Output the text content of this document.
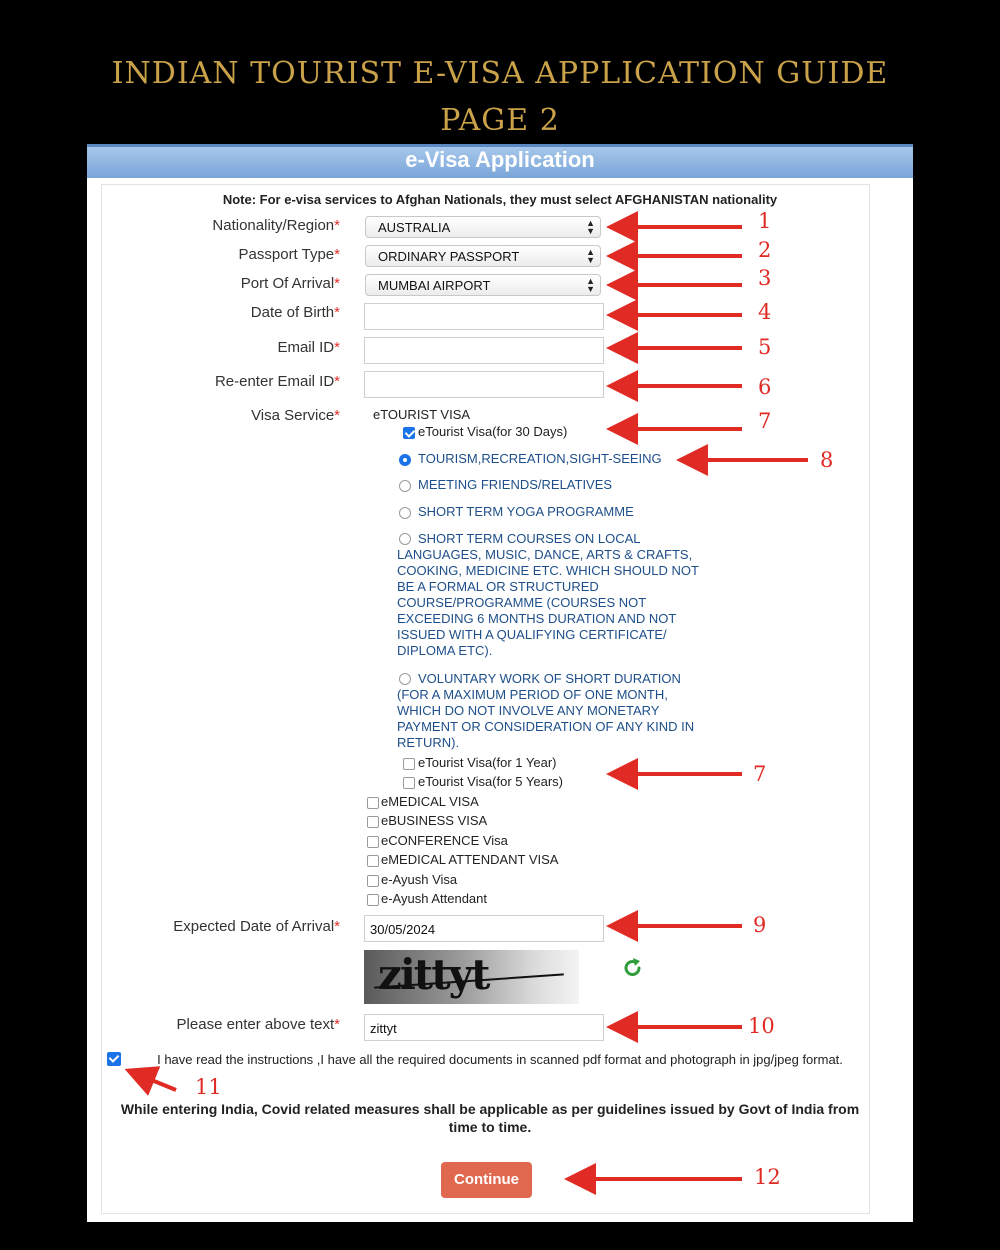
INDIAN TOURIST E-VISA APPLICATION GUIDE
PAGE 2
e-Visa Application
Note: For e-visa services to Afghan Nationals, they must select AFGHANISTAN nationality
Nationality/Region*	AUSTRALIA	▲
▼
Passport Type*	ORDINARY PASSPORT	▲
▼
Port Of Arrival*	MUMBAI AIRPORT	▲
▼
Date of Birth*
Email ID*
Re-enter Email ID*
Visa Service*	eTOURIST VISA
eTourist Visa(for 30 Days)
TOURISM,RECREATION,SIGHT-SEEING
MEETING FRIENDS/RELATIVES
SHORT TERM YOGA PROGRAMME
SHORT TERM COURSES ON LOCAL LANGUAGES, MUSIC, DANCE, ARTS & CRAFTS, COOKING, MEDICINE ETC. WHICH SHOULD NOT BE A FORMAL OR STRUCTURED COURSE/PROGRAMME (COURSES NOT EXCEEDING 6 MONTHS DURATION AND NOT ISSUED WITH A QUALIFYING CERTIFICATE/ DIPLOMA ETC).
VOLUNTARY WORK OF SHORT DURATION (FOR A MAXIMUM PERIOD OF ONE MONTH, WHICH DO NOT INVOLVE ANY MONETARY PAYMENT OR CONSIDERATION OF ANY KIND IN RETURN).
eTourist Visa(for 1 Year)
eTourist Visa(for 5 Years)
eMEDICAL VISA
eBUSINESS VISA
eCONFERENCE Visa
eMEDICAL ATTENDANT VISA
e-Ayush Visa
e-Ayush Attendant
Expected Date of Arrival*	30/05/2024
zittyt
Please enter above text*	zittyt
I have read the instructions ,I have all the required documents in scanned pdf format and photograph in jpg/jpeg format.
While entering India, Covid related measures shall be applicable as per guidelines issued by Govt of India from time to time.
Continue
1
2
3
4
5
6
7
8
7
9
10
11
12
